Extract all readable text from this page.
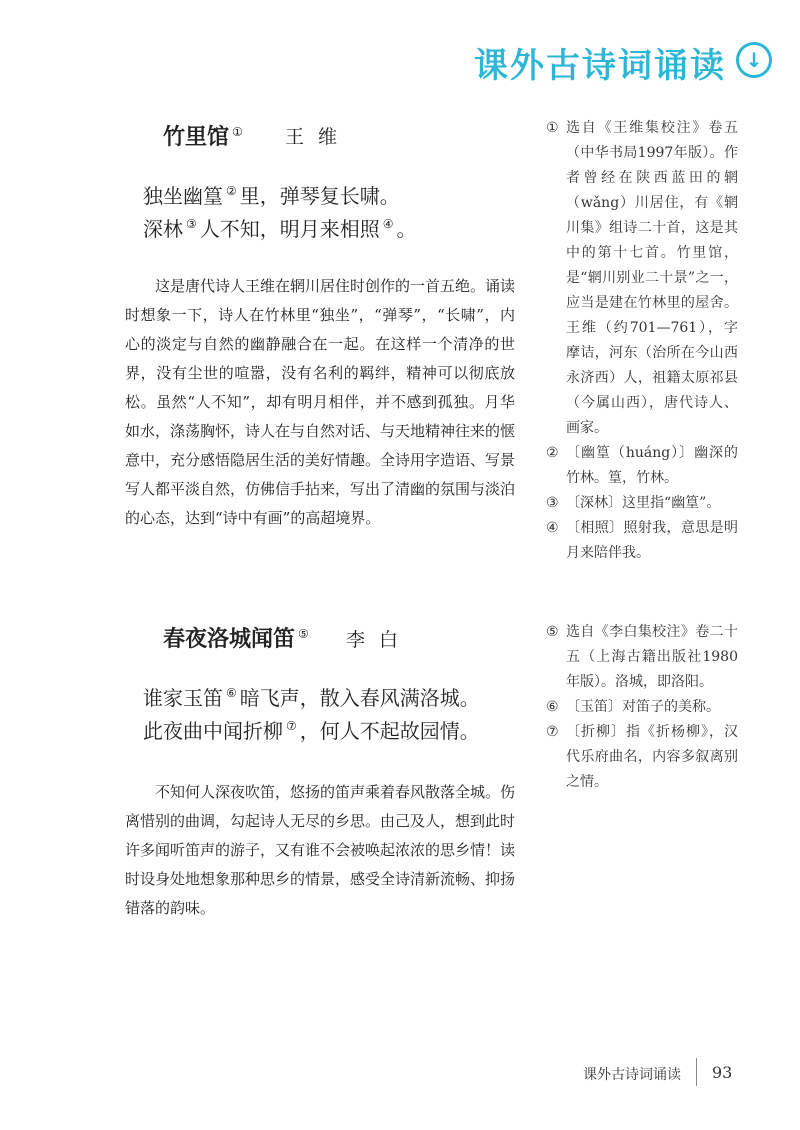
课外古诗词诵读 ↓
竹里馆 ① 王维
独坐幽篁 ② 里，弹琴复长啸。
深林 ③ 人不知，明月来相照 ④ 。

这是唐代诗人王维在辋川居住时创作的一首五绝。诵读时想象一下，诗人在竹林里“独坐”，“弹琴”，“长啸”，内心的淡定与自然的幽静融合在一起。在这样一个清净的世界，没有尘世的喧嚣，没有名利的羁绊，精神可以彻底放松。虽然“人不知”，却有明月相伴，并不感到孤独。月华如水，涤荡胸怀，诗人在与自然对话、与天地精神往来的惬意中，充分感悟隐居生活的美好情趣。全诗用字造语、写景写人都平淡自然，仿佛信手拈来，写出了清幽的氛围与淡泊的心态，达到“诗中有画”的高超境界。

① 选自《王维集校注》卷五（中华书局1997年版）。作者曾经在陕西蓝田的辋（wǎng）川居住，有《辋川集》组诗二十首，这是其中的第十七首。竹里馆，是“辋川别业二十景”之一，应当是建在竹林里的屋舍。王维（约701—761），字摩诘，河东（治所在今山西永济西）人，祖籍太原祁县（今属山西），唐代诗人、画家。
② 〔幽篁（huáng）〕幽深的竹林。篁，竹林。
③ 〔深林〕这里指“幽篁”。
④ 〔相照〕照射我，意思是明月来陪伴我。
春夜洛城闻笛 ⑤ 李白
谁家玉笛 ⑥ 暗飞声，散入春风满洛城。
此夜曲中闻折柳 ⑦ ，何人不起故园情。

不知何人深夜吹笛，悠扬的笛声乘着春风散落全城。伤离惜别的曲调，勾起诗人无尽的乡思。由己及人，想到此时许多闻听笛声的游子，又有谁不会被唤起浓浓的思乡情！读时设身处地想象那种思乡的情景，感受全诗清新流畅、抑扬错落的韵味。

⑤ 选自《李白集校注》卷二十五（上海古籍出版社1980年版）。洛城，即洛阳。
⑥ 〔玉笛〕对笛子的美称。
⑦ 〔折柳〕指《折杨柳》，汉代乐府曲名，内容多叙离别之情。
课外古诗词诵读 93
